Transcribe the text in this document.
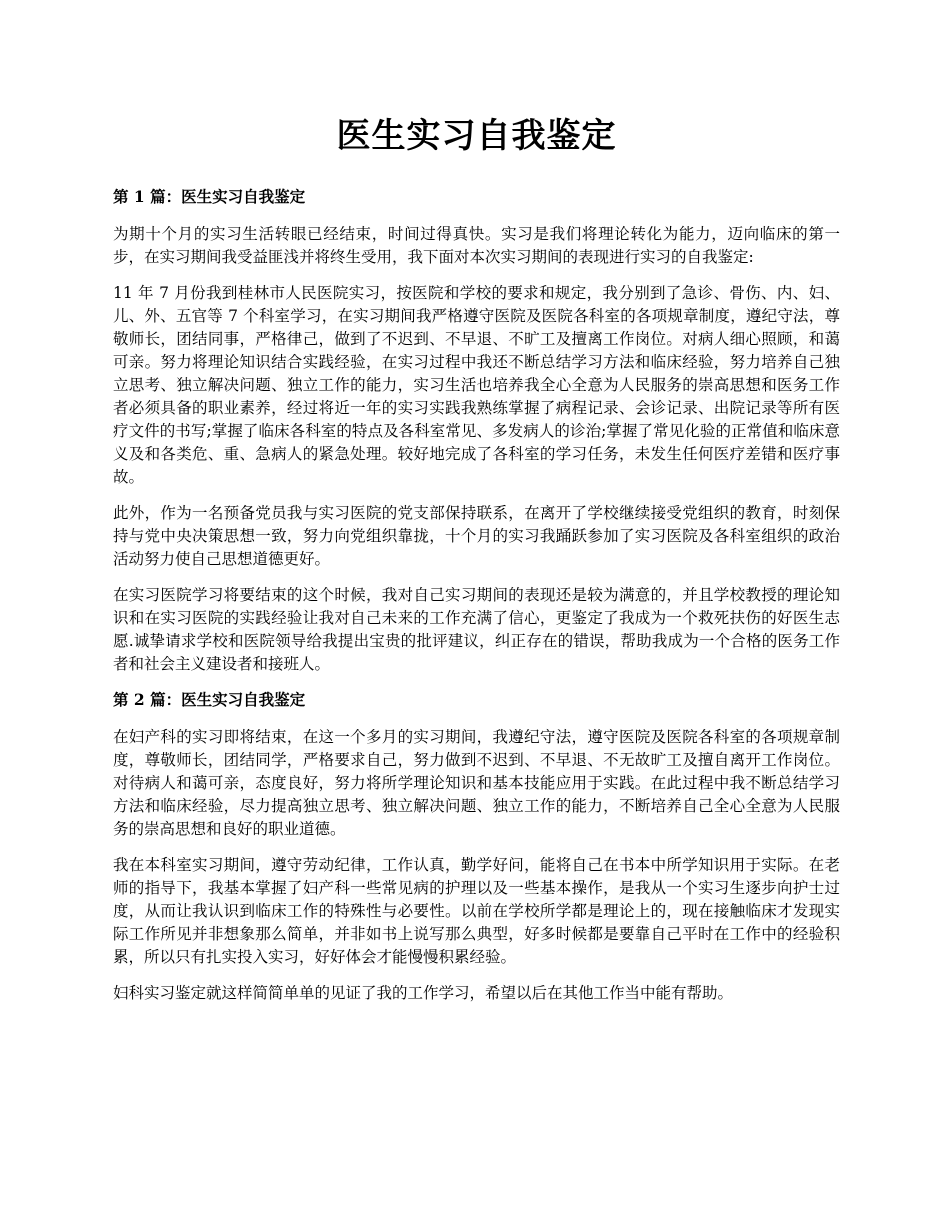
医生实习自我鉴定
第 1 篇：医生实习自我鉴定

为期十个月的实习生活转眼已经结束，时间过得真快。实习是我们将理论转化为能力，迈向临床的第一步，在实习期间我受益匪浅并将终生受用，我下面对本次实习期间的表现进行实习的自我鉴定:

11 年 7 月份我到桂林市人民医院实习，按医院和学校的要求和规定，我分别到了急诊、骨伤、内、妇、儿、外、五官等 7 个科室学习，在实习期间我严格遵守医院及医院各科室的各项规章制度，遵纪守法，尊敬师长，团结同事，严格律己，做到了不迟到、不早退、不旷工及擅离工作岗位。对病人细心照顾，和蔼可亲。努力将理论知识结合实践经验，在实习过程中我还不断总结学习方法和临床经验，努力培养自己独立思考、独立解决问题、独立工作的能力，实习生活也培养我全心全意为人民服务的崇高思想和医务工作者必须具备的职业素养，经过将近一年的实习实践我熟练掌握了病程记录、会诊记录、出院记录等所有医疗文件的书写;掌握了临床各科室的特点及各科室常见、多发病人的诊治;掌握了常见化验的正常值和临床意义及和各类危、重、急病人的紧急处理。较好地完成了各科室的学习任务，未发生任何医疗差错和医疗事故。

此外，作为一名预备党员我与实习医院的党支部保持联系，在离开了学校继续接受党组织的教育，时刻保持与党中央决策思想一致，努力向党组织靠拢，十个月的实习我踊跃参加了实习医院及各科室组织的政治活动努力使自己思想道德更好。

在实习医院学习将要结束的这个时候，我对自己实习期间的表现还是较为满意的，并且学校教授的理论知识和在实习医院的实践经验让我对自己未来的工作充满了信心，更鉴定了我成为一个救死扶伤的好医生志愿.诚挚请求学校和医院领导给我提出宝贵的批评建议，纠正存在的错误，帮助我成为一个合格的医务工作者和社会主义建设者和接班人。

第 2 篇：医生实习自我鉴定

在妇产科的实习即将结束，在这一个多月的实习期间，我遵纪守法，遵守医院及医院各科室的各项规章制度，尊敬师长，团结同学，严格要求自己，努力做到不迟到、不早退、不无故旷工及擅自离开工作岗位。对待病人和蔼可亲，态度良好，努力将所学理论知识和基本技能应用于实践。在此过程中我不断总结学习方法和临床经验，尽力提高独立思考、独立解决问题、独立工作的能力，不断培养自己全心全意为人民服务的崇高思想和良好的职业道德。

我在本科室实习期间，遵守劳动纪律，工作认真，勤学好问，能将自己在书本中所学知识用于实际。在老师的指导下，我基本掌握了妇产科一些常见病的护理以及一些基本操作，是我从一个实习生逐步向护士过度，从而让我认识到临床工作的特殊性与必要性。以前在学校所学都是理论上的，现在接触临床才发现实际工作所见并非想象那么简单，并非如书上说写那么典型，好多时候都是要靠自己平时在工作中的经验积累，所以只有扎实投入实习，好好体会才能慢慢积累经验。

妇科实习鉴定就这样简简单单的见证了我的工作学习，希望以后在其他工作当中能有帮助。
